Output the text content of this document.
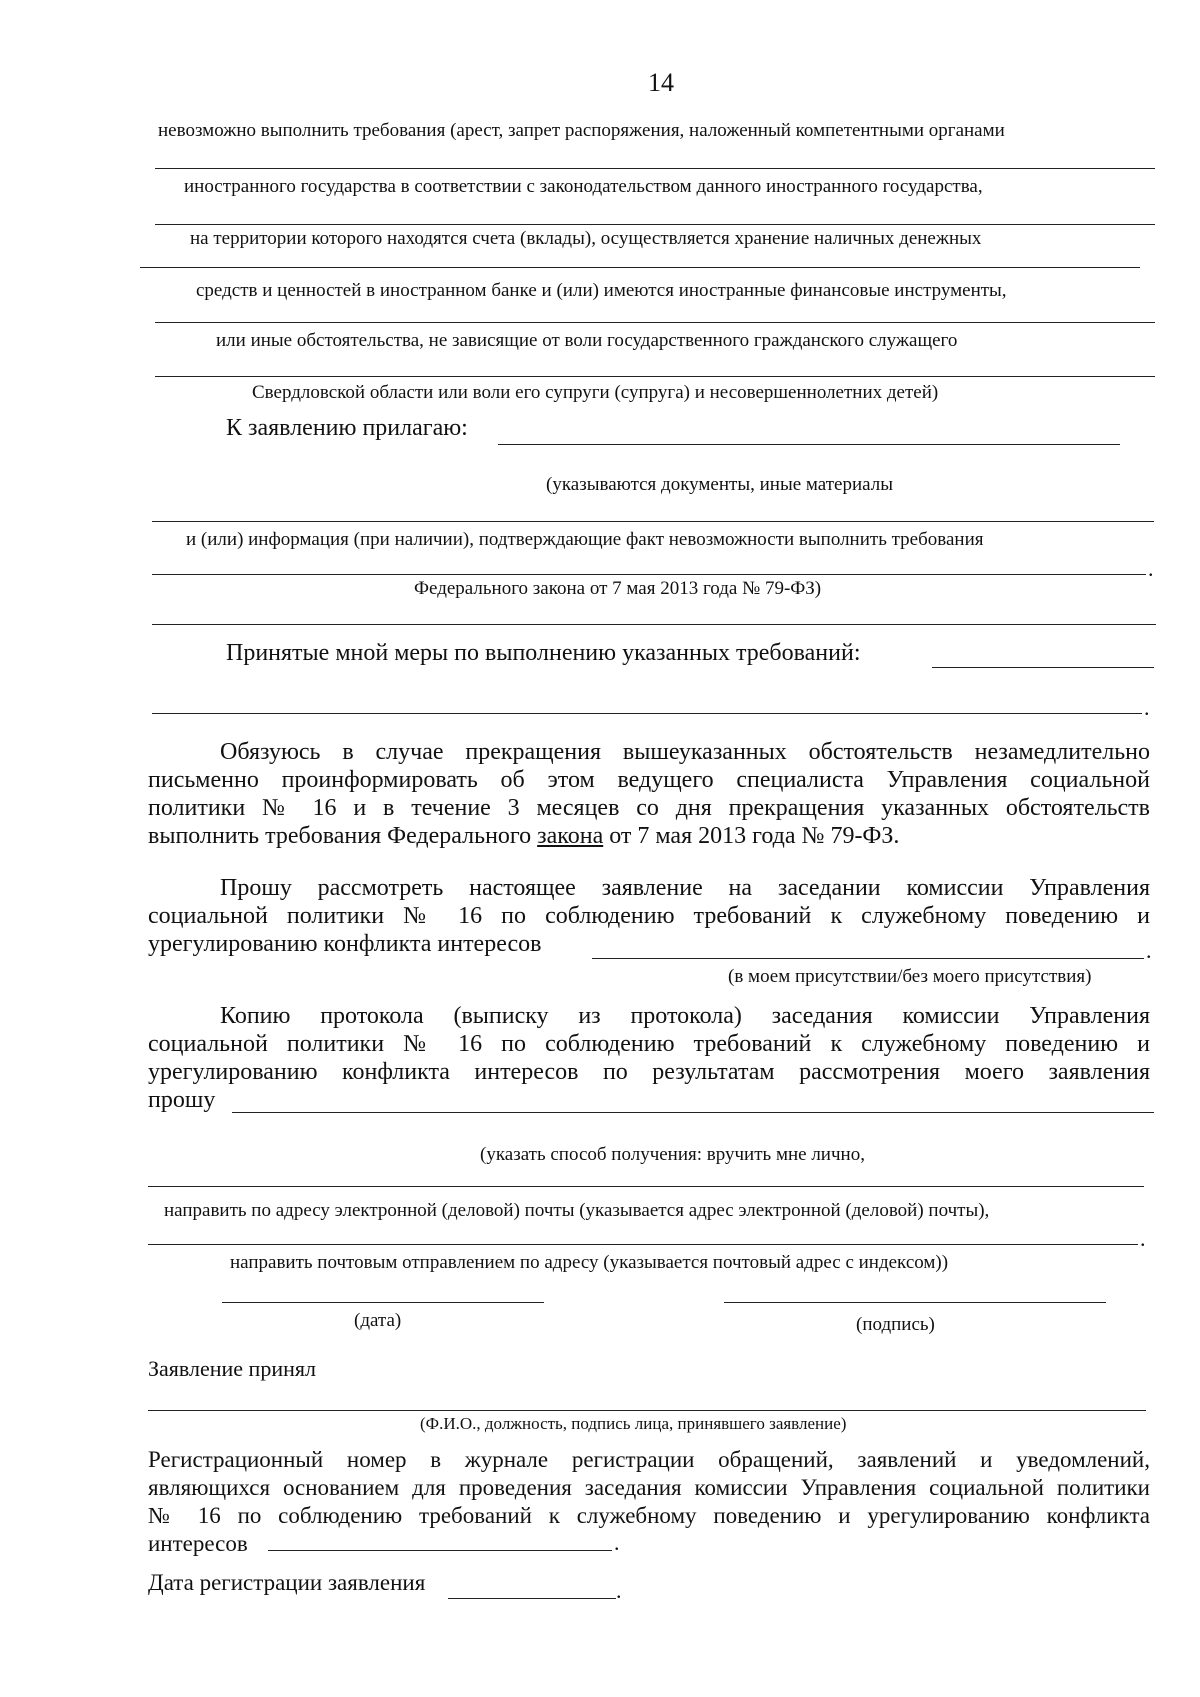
14
невозможно выполнить требования (арест, запрет распоряжения, наложенный компетентными органами
иностранного государства в соответствии с законодательством данного иностранного государства,
на территории которого находятся счета (вклады), осуществляется хранение наличных денежных
средств и ценностей в иностранном банке и (или) имеются иностранные финансовые инструменты,
или иные обстоятельства, не зависящие от воли государственного гражданского служащего
Свердловской области или воли его супруги (супруга) и несовершеннолетних детей)
К заявлению прилагаю:
(указываются документы, иные материалы
и (или) информация (при наличии), подтверждающие факт невозможности выполнить требования
.
Федерального закона от 7 мая 2013 года № 79-ФЗ)
Принятые мной меры по выполнению указанных требований:
.
Обязуюсь в случае прекращения вышеуказанных обстоятельств незамедлительно
письменно проинформировать об этом ведущего специалиста Управления социальной
политики № 16 и в течение 3 месяцев со дня прекращения указанных обстоятельств
выполнить требования Федерального закона от 7 мая 2013 года № 79-ФЗ.
Прошу рассмотреть настоящее заявление на заседании комиссии Управления
социальной политики № 16 по соблюдению требований к служебному поведению и
урегулированию конфликта интересов	.
(в моем присутствии/без моего присутствия)
Копию протокола (выписку из протокола) заседания комиссии Управления
социальной политики № 16 по соблюдению требований к служебному поведению и
урегулированию конфликта интересов по результатам рассмотрения моего заявления
прошу
(указать способ получения: вручить мне лично,
направить по адресу электронной (деловой) почты (указывается адрес электронной (деловой) почты),
.
направить почтовым отправлением по адресу (указывается почтовый адрес с индексом))
(дата)	(подпись)
Заявление принял
(Ф.И.О., должность, подпись лица, принявшего заявление)
Регистрационный номер в журнале регистрации обращений, заявлений и уведомлений,
являющихся основанием для проведения заседания комиссии Управления социальной политики
№ 16 по соблюдению требований к служебному поведению и урегулированию конфликта
интересов	.
Дата регистрации заявления	.
